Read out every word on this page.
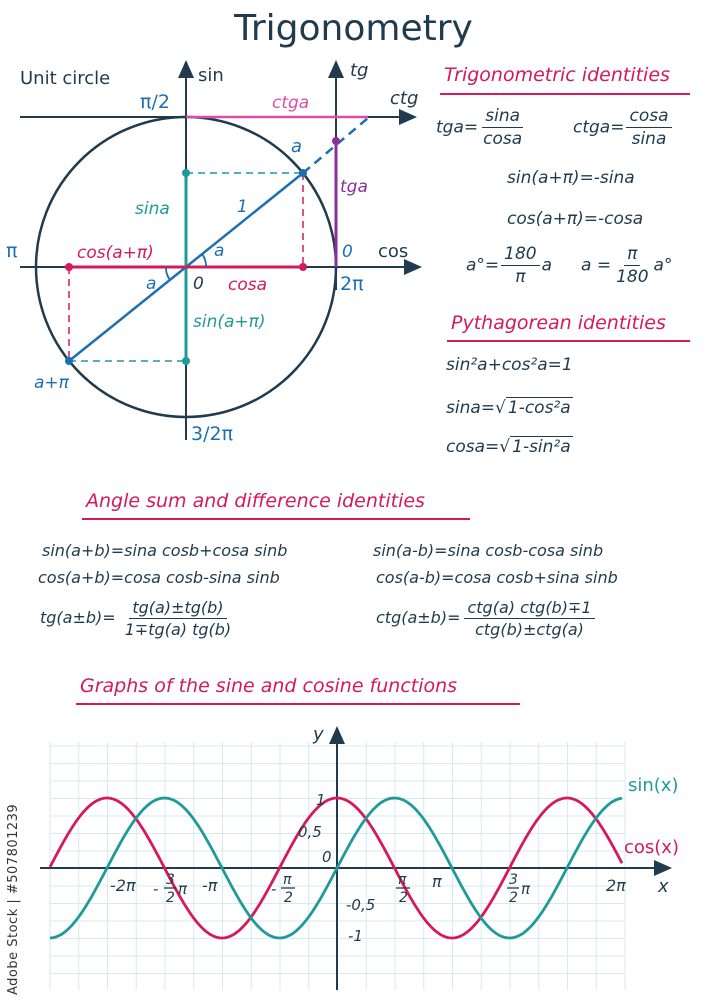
Trigonometry
Unit circle	sin	tg
ctg
cos
π/2
π
3/2π
2π
0
0
ctga
tga
sina
cosa
cos(a+π)
sin(a+π)
a
a
a
1
a+π
Trigonometric identities
$tga= \frac{\sin a}{\cos a}$	ctga= $\frac{\cos a}{\sin a}$
sin(a+π)=-sina
cos(a+π)=-cosa
$a^\circ= \frac{180}{\pi}$ a $a = \frac{\pi}{180} a^\circ$
Pythagorean identities
sin²a+cos²a=1
sina=√ 1-cos²a
cosa=√ 1-sin²a
Angle sum and difference identities
sin(a+b)=sina cosb+cosa sinb
cos(a+b)=cosa cosb-sina sinb
sin(a-b)=sina cosb-cosa sinb
cos(a-b)=cosa cosb+sina sinb
$tg(a\pm b)= \frac{tg(a)\pm tg(b)}{1\mp tg(a) tg(b)}$	$ctg(a\pm b)= \frac{\text{ctg(a) ctg(b)∓1}}{\text{ctg(b)±ctg(a)}}$
Graphs of the sine and cosine functions
y
x
sin(x)
cos(x)
1
0,5
0
-0,5
-1
-2π	-π	π	2π
- 3
2 π	- π
2
π
2
3
2 π
Adobe Stock | #507801239
